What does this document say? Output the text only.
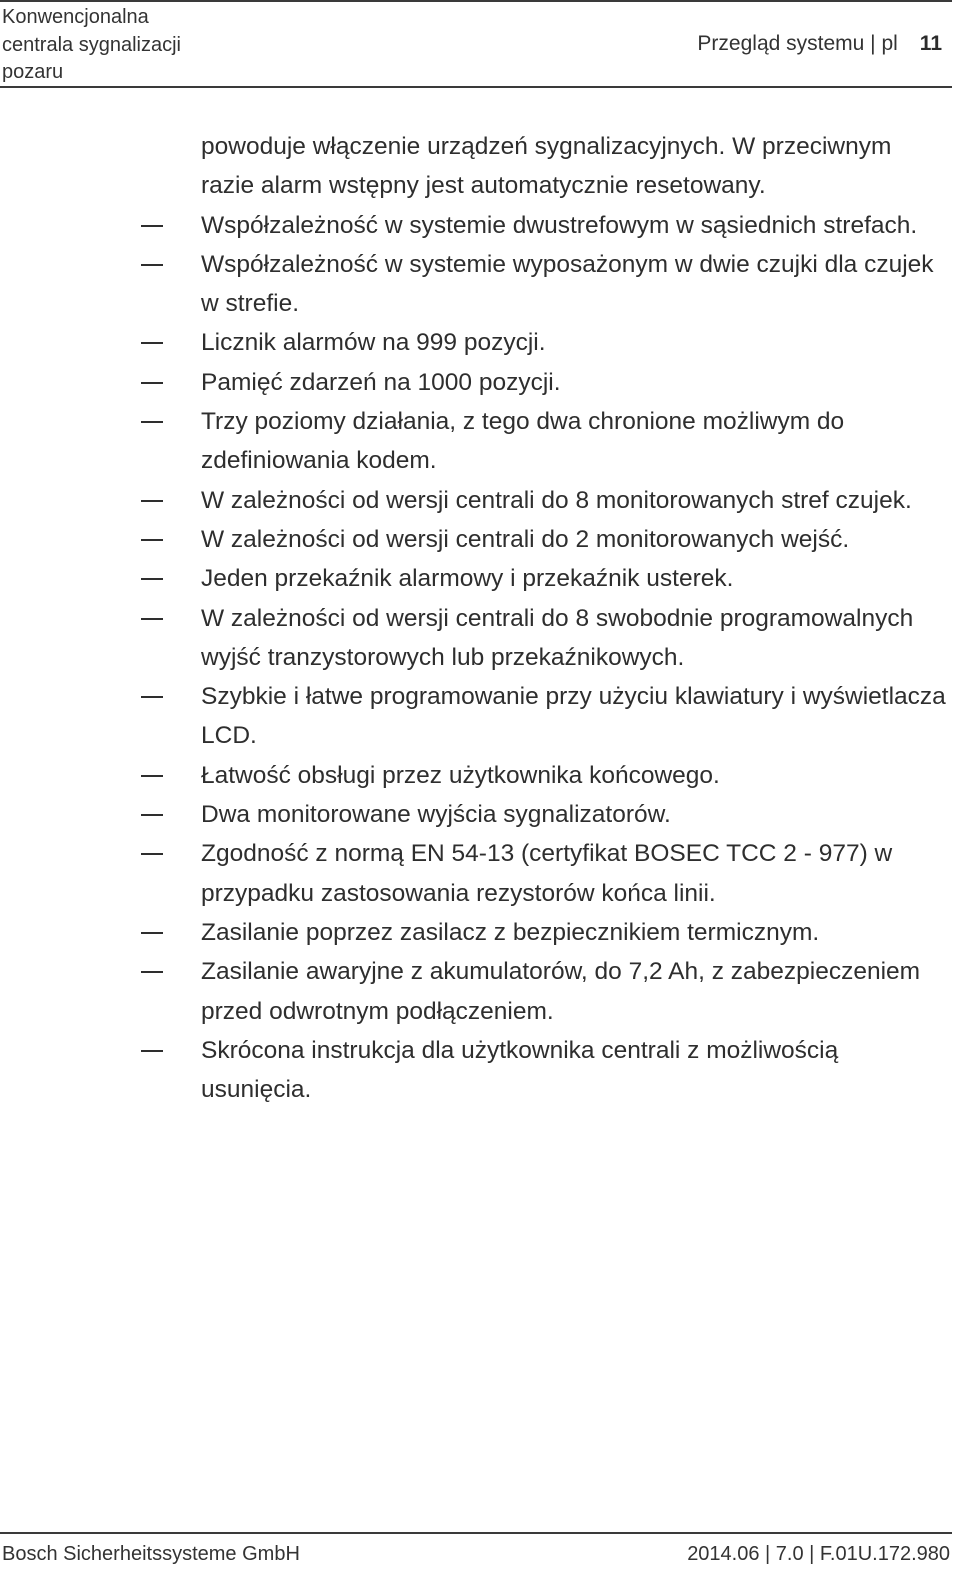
Konwencjonalna
centrala sygnalizacji
pozaru
Przegląd systemu | pl 11

powoduje włączenie urządzeń sygnalizacyjnych. W przeciwnym razie alarm wstępny jest automatycznie resetowany.

Współzależność w systemie dwustrefowym w sąsiednich strefach.
Współzależność w systemie wyposażonym w dwie czujki dla czujek w strefie.
Licznik alarmów na 999 pozycji.
Pamięć zdarzeń na 1000 pozycji.
Trzy poziomy działania, z tego dwa chronione możliwym do zdefiniowania kodem.
W zależności od wersji centrali do 8 monitorowanych stref czujek.
W zależności od wersji centrali do 2 monitorowanych wejść.
Jeden przekaźnik alarmowy i przekaźnik usterek.
W zależności od wersji centrali do 8 swobodnie programowalnych wyjść tranzystorowych lub przekaźnikowych.
Szybkie i łatwe programowanie przy użyciu klawiatury i wyświetlacza LCD.
Łatwość obsługi przez użytkownika końcowego.
Dwa monitorowane wyjścia sygnalizatorów.
Zgodność z normą EN 54-13 (certyfikat BOSEC TCC 2 - 977) w przypadku zastosowania rezystorów końca linii.
Zasilanie poprzez zasilacz z bezpiecznikiem termicznym.
Zasilanie awaryjne z akumulatorów, do 7,2 Ah, z zabezpieczeniem przed odwrotnym podłączeniem.
Skrócona instrukcja dla użytkownika centrali z możliwością usunięcia.
Bosch Sicherheitssysteme GmbH	2014.06 | 7.0 | F.01U.172.980
